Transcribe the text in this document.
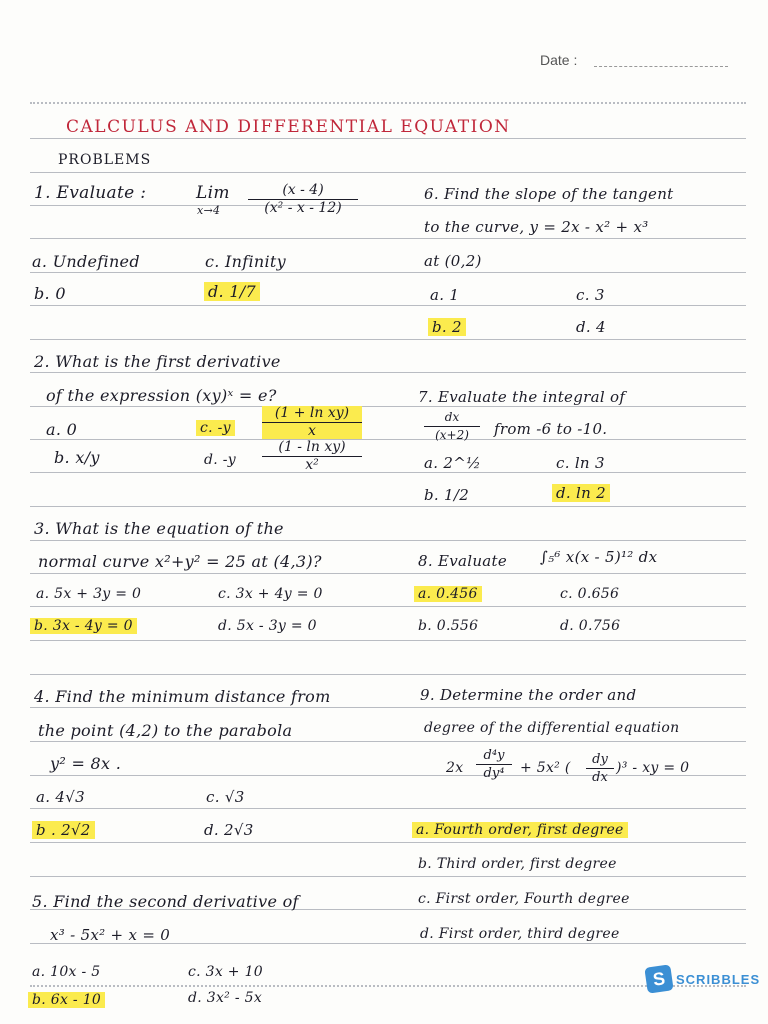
Date :
CALCULUS AND DIFFERENTIAL EQUATION
PROBLEMS
1. Evaluate :	Lim
x→4
(x - 4)
(x² - x - 12)
a. Undefined	c. Infinity
b. 0	d. 1/7
6. Find the slope of the tangent
to the curve, y = 2x - x² + x³
at (0,2)
a. 1	c. 3
b. 2	d. 4
2. What is the first derivative
of the expression (xy)ˣ = e?
a. 0
b. x/y
c. -y
(1 + ln xy)
x
d. -y
(1 - ln xy)
x²
7. Evaluate the integral of
dx
(x+2)	from -6 to -10.
a. 2^½	c. ln 3
b. 1/2	d. ln 2
3. What is the equation of the
normal curve x²+y² = 25 at (4,3)?
a. 5x + 3y = 0	c. 3x + 4y = 0
b. 3x - 4y = 0	d. 5x - 3y = 0
8. Evaluate ∫₅⁶ x(x - 5)¹² dx
a. 0.456	c. 0.656
b. 0.556	d. 0.756
4. Find the minimum distance from
the point (4,2) to the parabola
y² = 8x .
a. 4√3	c. √3
b . 2√2	d. 2√3
9. Determine the order and
degree of the differential equation
2x
d⁴y
dy⁴	+ 5x² (
dy
dx
)³ - xy = 0
a. Fourth order, first degree
b. Third order, first degree
c. First order, Fourth degree
d. First order, third degree
5. Find the second derivative of
x³ - 5x² + x = 0
a. 10x - 5	c. 3x + 10
b. 6x - 10	d. 3x² - 5x
S SCRIBBLES
